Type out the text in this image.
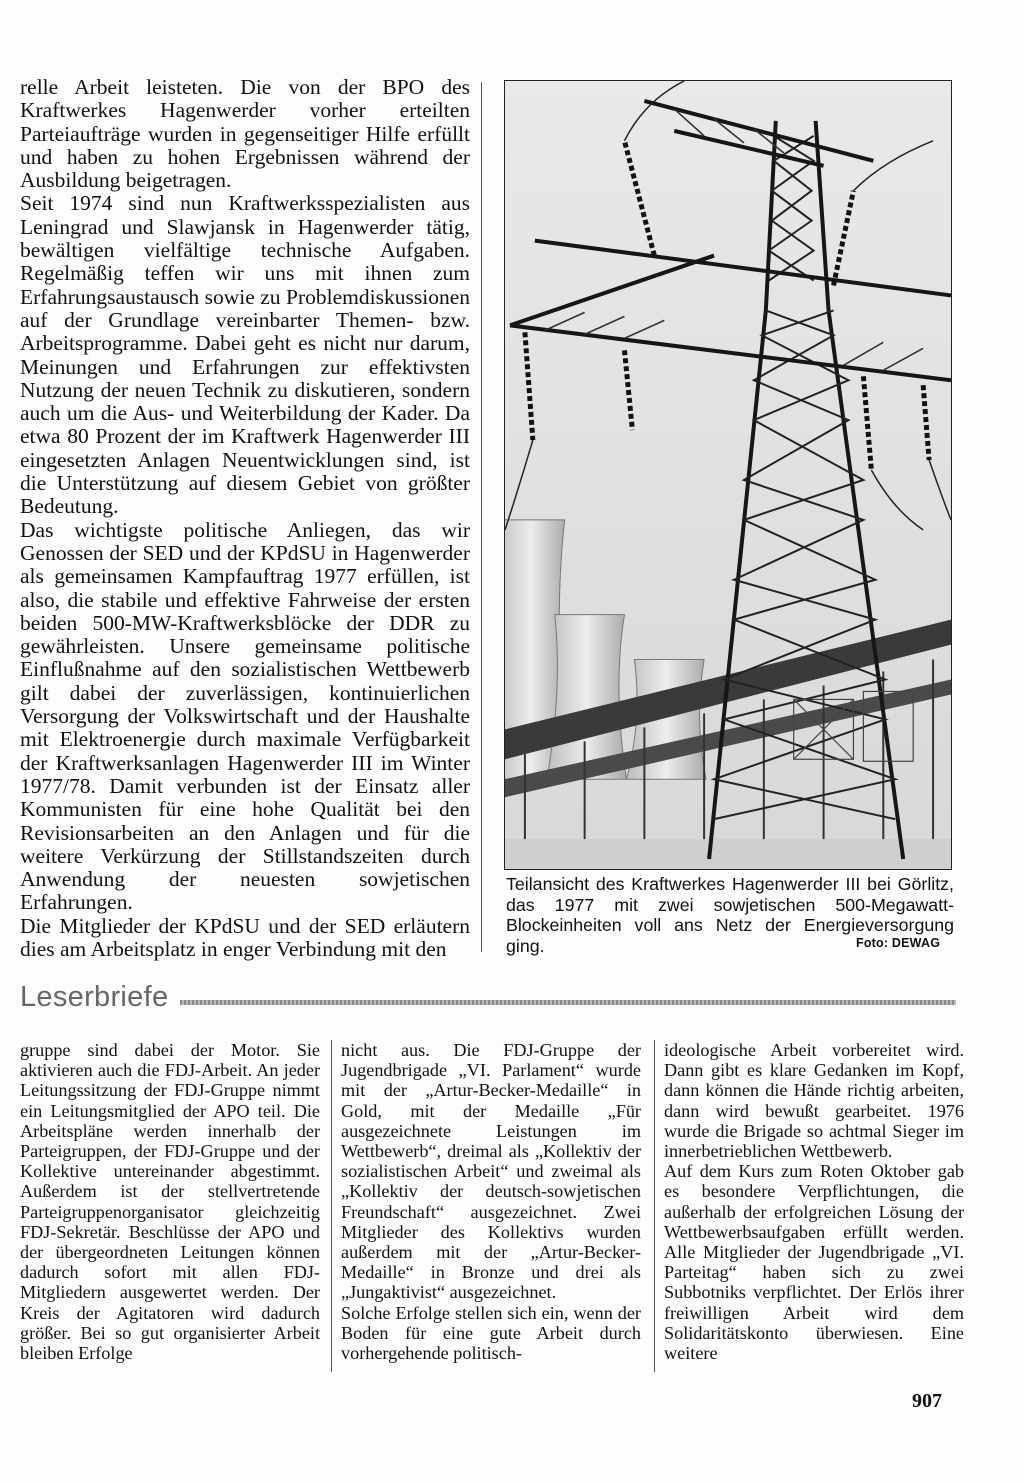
relle Arbeit leisteten. Die von der BPO des Kraftwerkes Hagenwerder vorher erteilten Parteiaufträge wurden in gegenseitiger Hilfe erfüllt und haben zu hohen Ergebnissen während der Ausbildung beigetragen.

Seit 1974 sind nun Kraftwerksspezialisten aus Leningrad und Slawjansk in Hagenwerder tätig, bewältigen vielfältige technische Aufgaben. Regelmäßig teffen wir uns mit ihnen zum Erfahrungsaustausch sowie zu Problemdiskussionen auf der Grundlage vereinbarter Themen- bzw. Arbeitsprogramme. Dabei geht es nicht nur darum, Meinungen und Erfahrungen zur effektivsten Nutzung der neuen Technik zu diskutieren, sondern auch um die Aus- und Weiterbildung der Kader. Da etwa 80 Prozent der im Kraftwerk Hagenwerder III eingesetzten Anlagen Neuentwicklungen sind, ist die Unterstützung auf diesem Gebiet von größter Bedeutung.

Das wichtigste politische Anliegen, das wir Genossen der SED und der KPdSU in Hagenwerder als gemeinsamen Kampfauftrag 1977 erfüllen, ist also, die stabile und effektive Fahrweise der ersten beiden 500-MW-Kraftwerksblöcke der DDR zu gewährleisten. Unsere gemeinsame politische Einflußnahme auf den sozialistischen Wettbewerb gilt dabei der zuverlässigen, kontinuierlichen Versorgung der Volkswirtschaft und der Haushalte mit Elektroenergie durch maximale Verfügbarkeit der Kraftwerksanlagen Hagenwerder III im Winter 1977/78. Damit verbunden ist der Einsatz aller Kommunisten für eine hohe Qualität bei den Revisionsarbeiten an den Anlagen und für die weitere Verkürzung der Stillstandszeiten durch Anwendung der neuesten sowjetischen Erfahrungen.

Die Mitglieder der KPdSU und der SED erläutern dies am Arbeitsplatz in enger Verbindung mit den

Teilansicht des Kraftwerkes Hagenwerder III bei Görlitz, das 1977 mit zwei sowjetischen 500-Megawatt-Blockeinheiten voll ans Netz der Energieversorgung ging.	Foto: DEWAG
Leserbriefe

gruppe sind dabei der Motor. Sie aktivieren auch die FDJ-Arbeit. An jeder Leitungssitzung der FDJ-Gruppe nimmt ein Leitungsmitglied der APO teil. Die Arbeitspläne werden innerhalb der Parteigruppen, der FDJ-Gruppe und der Kollektive untereinander abgestimmt. Außerdem ist der stellvertretende Parteigruppenorganisator gleichzeitig FDJ-Sekretär. Beschlüsse der APO und der übergeordneten Leitungen können dadurch sofort mit allen FDJ-Mitgliedern ausgewertet werden. Der Kreis der Agitatoren wird dadurch größer. Bei so gut organisierter Arbeit bleiben Erfolge

nicht aus. Die FDJ-Gruppe der Jugendbrigade „VI. Parlament“ wurde mit der „Artur-Becker-Medaille“ in Gold, mit der Medaille „Für ausgezeichnete Leistungen im Wettbewerb“, dreimal als „Kollektiv der sozialistischen Arbeit“ und zweimal als „Kollektiv der deutsch-sowjetischen Freundschaft“ ausgezeichnet. Zwei Mitglieder des Kollektivs wurden außerdem mit der „Artur-Becker-Medaille“ in Bronze und drei als „Jungaktivist“ ausgezeichnet.

Solche Erfolge stellen sich ein, wenn der Boden für eine gute Arbeit durch vorhergehende politisch-

ideologische Arbeit vorbereitet wird. Dann gibt es klare Gedanken im Kopf, dann können die Hände richtig arbeiten, dann wird bewußt gearbeitet. 1976 wurde die Brigade so achtmal Sieger im innerbetrieblichen Wettbewerb.

Auf dem Kurs zum Roten Oktober gab es besondere Verpflichtungen, die außerhalb der erfolgreichen Lösung der Wettbewerbsaufgaben erfüllt werden. Alle Mitglieder der Jugendbrigade „VI. Parteitag“ haben sich zu zwei Subbotniks verpflichtet. Der Erlös ihrer freiwilligen Arbeit wird dem Solidaritätskonto überwiesen. Eine weitere

907
